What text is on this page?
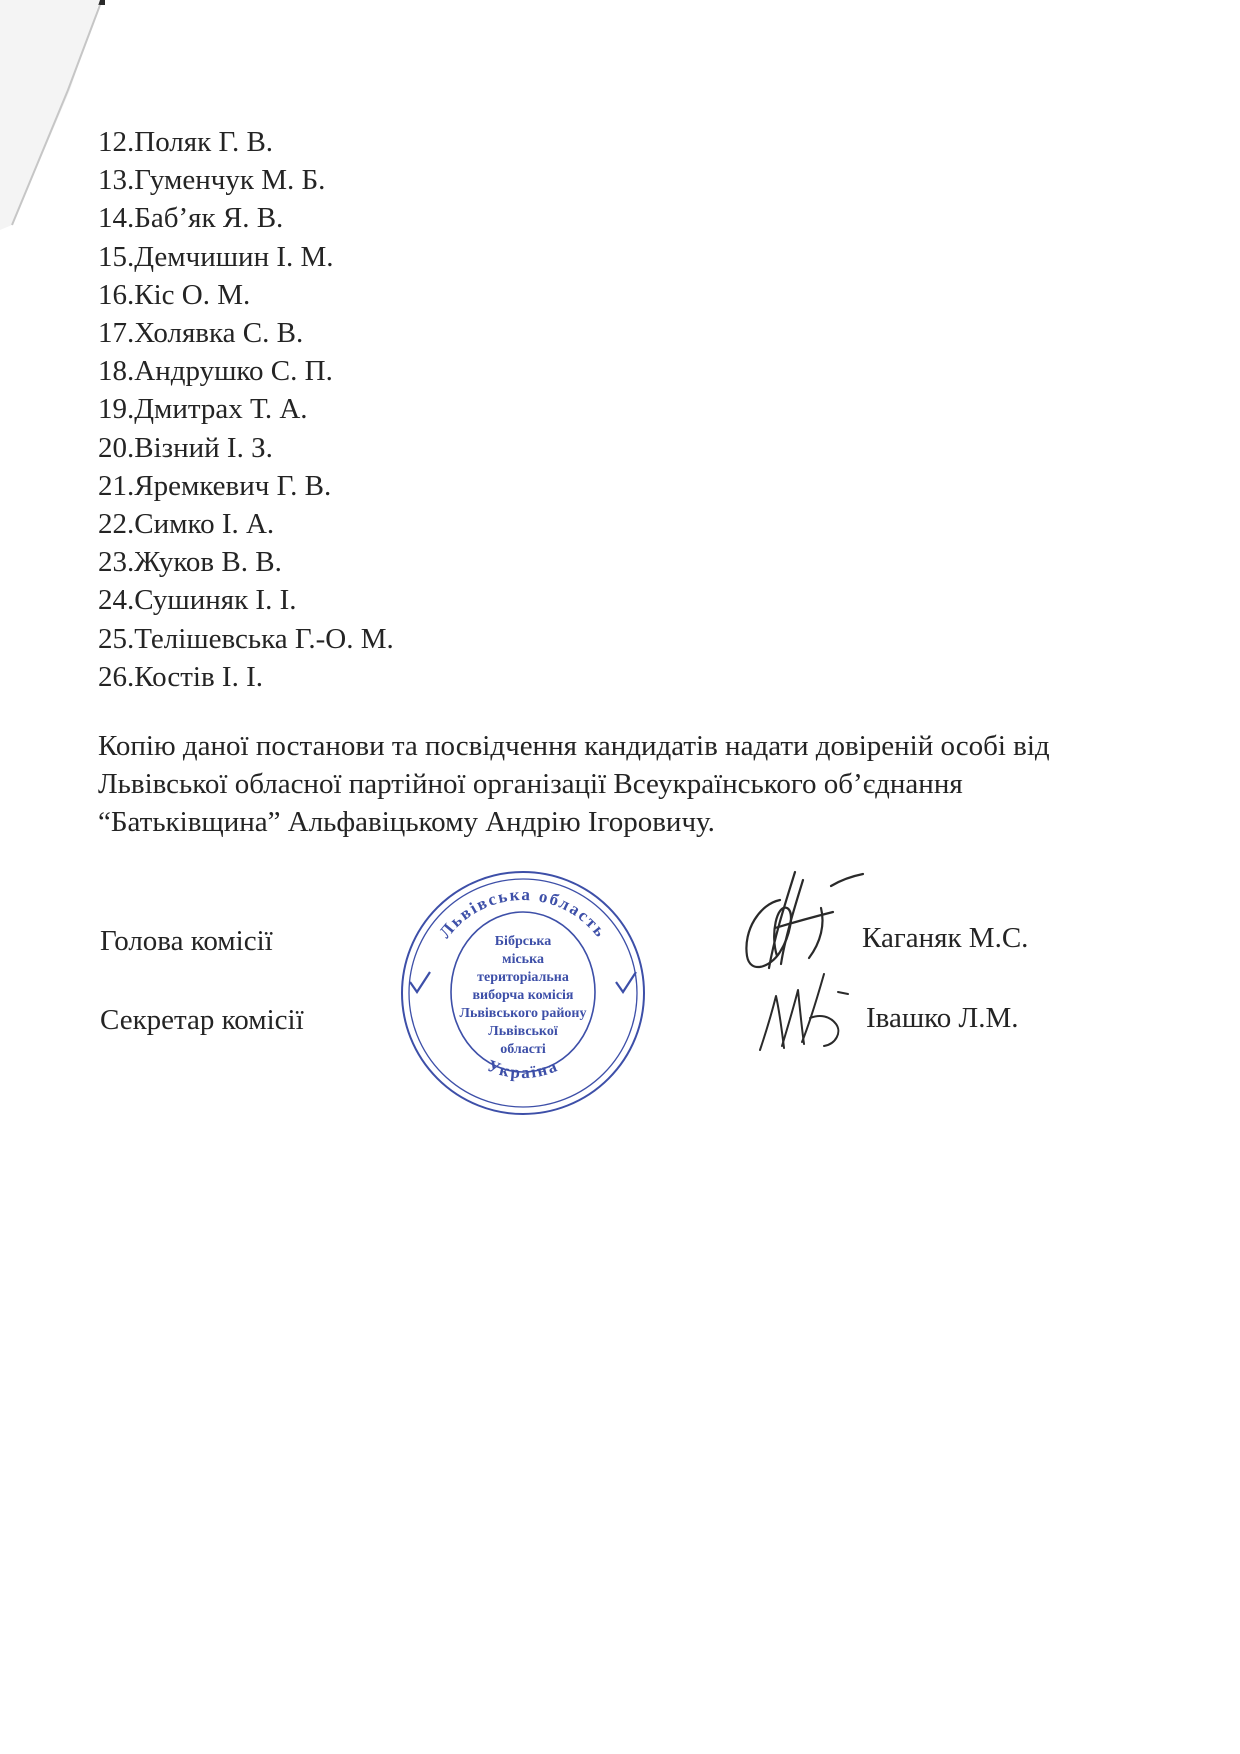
12.Поляк Г. В.
13.Гуменчук М. Б.
14.Баб’як Я. В.
15.Демчишин І. М.
16.Кіс О. М.
17.Холявка С. В.
18.Андрушко С. П.
19.Дмитрах Т. А.
20.Візний І. З.
21.Яремкевич Г. В.
22.Симко І. А.
23.Жуков В. В.
24.Сушиняк І. І.
25.Телішевська Г.-О. М.
26.Костів І. І.

Копію даної постанови та посвідчення кандидатів надати довіреній особі від Львівської обласної партійної організації Всеукраїнського об’єднання “Батьківщина” Альфавіцькому Андрію Ігоровичу.

Голова комісії
Секретар комісії
Каганяк М.С.
Івашко Л.М.
Львівська область
Україна
Бібрська
міська
територіальна
виборча комісія
Львівського району
Львівської
області
